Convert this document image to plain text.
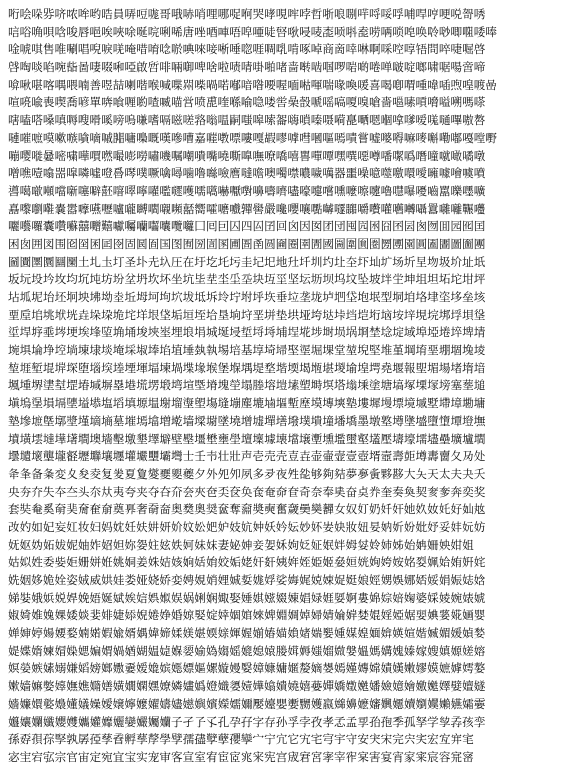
哘哙哚哛哜哝哞哟哠員哢哣哤哥哦哧哨哩哪哫哬哭哮哯哰哱哲哳哴哵哶哷哸哹哺哻哼哽哾哿唀
唁唂唃唄唅唆唇唈唉唊唋唌唍唎唏唐唑唒唓唔唕唖唗唘唙唚唛唜唝唞唟唠唡唢唣唤唥唦唧唨唩唪
唫唬唭售唯唰唱唲唳唴唵唶唷唸唹唺唻唼唽唾唿啀啁啂啃啄啅商啇啈啉啊啋啌啍啎問啐啑啒啓
啔啕啖啗啘啙啚啛啜啝啞啟啠啡啢啣啤啥啦啧啨啩啪啫啬啭啮啯啰啱啲啳啴啵啶啷啸啹啺啻啼
啽啾啿喀喁喂喃善喅喆喇喈喉喊喋喌喍喎喏喐喑喒喓喔喕喖喗喘喙喚喛喜喝喞喟喠喡喢喣喤喥喦
喧喨喩喪喫喬喭單喯喰喱喲喳喴喵営喷喸喹喺喻喼喽喾喿嗀嗁嗂嗃嗄嗅嗆嗇嗈嗉嗊嗋嗌嗍嗎嗏
嗐嗑嗒嗓嗔嗕嗖嗗嗘嗙嗚嗛嗜嗝嗞嗟嗠嗡嗢嗣嗤嗥嗦嗧嗨嗩嗪嗫嗬嗭嗮嗯嗰嗱嗲嗳嗴嗵嗶嗷嗸
嗹嗺嗻嗼嗽嗾嗿嘀嘁嘂嘃嘄嘅嘆嘇嘈嘉嘊嘋嘌嘍嘎嘏嘐嘑嘒嘓嘔嘕嘖嘗嘘嘙嘚嘛嘜嘝嘞嘟嘠嘡嘢
嘣嘤嘥嘦嘧嘨嘩嘪嘫嘬嘭嘮嘯嘰嘱嘲嘳嘴嘵嘶嘷嘸嘹嘺嘻嘼嘽嘾嘿噀噁噂噃噄噅噆噇噈噉噊噋
噌噍噎噏噐噑噒噓噔噕噖噗噘噙噚噛噜噝噞噟噠噡噢噣噤噥噦噧器噩噪噫噬噭噮噯噰噱噲噳噴
噵噶噷噸噹噺噻噼噽噾噿嚀嚁嚂嚃嚄嚅嚆嚇嚈嚉嚊嚋嚌嚍嚎嚏嚐嚑嚒嚓嚔嚕嚖嚗嚘嚙嚚嚛嚜嚝
嚞嚟嚠嚡嚢嚣嚤嚥嚦嚧嚨嚩嚪嚫嚬嚭嚮嚯嚰嚱嚲嚳嚴嚵嚶嚷嚸嚹嚺嚻嚼嚽嚾嚿囀囁囂囃囄囅囆
囇囈囉囊囋囌囍囎囏囐囑囒囓囔囕囖囗囘囙囚四囜囝回囟因囡团団囤囥囦囧囨囩囪囫囬园囮囯
困囱囲図围囵囶囷囸囹固囻囼国图囿圀圁圂圃圄圅圆圇圈圉圊國圌圍圎圏圐圑園圓圔圕圖圗團
圙圚圛圜圝圞土圠圡圢圣圤圥圦圧在圩圪圫圬圭圮圯地圱圲圳圴圵圶圷圸圹场圻圼圽圾圿址坁
坂坃坄坅坆均坈坉坊坋坌坍坎坏坐坑坒坓坔坕坖块坘坙坚坛坜坝坞坟坠坡坢坣坤坥坦坧坨坩坪
坫坬坭坮坯坰坱坲坳坴坵坶坷坸坹坺坻坼坽坾坿垀垁垂垃垄垅垆垇垈垉垊型垌垍垎垏垐垑垒垓
垔垕垖垗垘垙垚垛垜垝垞垟垠垡垢垣垤垥垦垧垨垩垪垫垬垭垮垯垰垱垲垳垴垵垶垷垸垹垺垻垼
垽垾垿埀埁埂埃埄埅埆埇埈埉埊埋埌埍城埏埐埑埒埓埔埕埖埗埘埙埚埛埜埝埞域埠埡埢埣埤埥
埦埧埨埩埪埫埬埭埮埯埰埱埲埳埴埵埶執埸培基埻埼埽埾埿堀堁堂堃堄堅堆堇堈堉堊堋堌堍堎
堏堐堑堒堓堔堕堖堗堘堙堚堛堜堝堞堟堠堡堢堣堤堥堦堧堨堩堪堫堬堭堮堯堰報堲堳場堵堶堷
堸堹堺堻堼堽堾堿塀塁塂塃塄塅塆塇塈塉塊塋塌塍塎塏塐塑塒塓塔塕塖塗塘塙塚塛塜塝塞塟塠
塡塢塣塤塥塦塧塨塩塪填塬塭塮塯塰塱塲塳塴塵塶塷塸塹塺塻塼塽塾塿墀墁墂境墄墅墆墇墈墉
墊墋墌墍墎墏墐墑墒墓墔墕墖増墘墙墚墛墜墝增墟墠墡墢墣墤墥墦墧墨墩墪墫墬墭墮墯墰墱墲
墳墴墵墶墷墸墹墺墻墼墽墾墿壀壁壂壃壄壅壆壇壈壉壊壋壌壍壎壏壐壑壒壓壔壕壖壗壘壙壚壛
壜壝壞壟壠壡壢壣壤壥壦壧壨壩壪士壬壭壮壯声壱売壳壴壵壶壷壸壹壺壻壼壽壾壿夀夁夂夃处
夅夆备夈変夊夋夌复夎夏夐夑夒夓夔夕外夗夘夙多夛夜夝夞够夠夡夢夣夤夥夦大夨天太夫夬夭
央夯夰失夲夳头夵夶夷夸夹夺夻夼夽夾夿奀奁奂奃奄奅奆奇奈奉奊奋奌奍奎奏奐契奒奓奔奕奖
套奘奙奚奛奜奝奞奟奠奡奢奣奤奥奦奧奨奩奪奫奬奭奮奯奰奱奲女奴奵奶奷奸她奺奻奼好奾奿
妀妁如妃妄妅妆妇妈妉妊妋妌妍妎妏妐妑妒妓妔妕妖妗妘妙妚妛妜妝妞妟妠妡妢妣妤妥妦妧妨
妩妪妫妬妭妮妯妰妱妲妳妴妵妶妷妸妹妺妻妼妽妾妿姀姁姂姃姄姅姆姇姈姉姊始姌姍姎姏姐
姑姒姓委姕姖姗姘姙姚姛姜姝姞姟姠姡姢姣姤姥奸姧姨姩姪姫姬姭姮姯姰姱姲姳姴姵姶姷姸姹
姺姻姼姽姾姿娀威娂娃娄娅娆娇娈娉娊娋娌娍娎娏娐娑娒娓娔娕娖娗娘娙娚娛娜娝娞娟娠娡娢
娣娤娥娦娧娨娩娪娫娬娭娮娯娰娱娲娳娴娵娶娷娸娹娺娻娼娽娾娿婀婁婂婃婄婅婆婇婈婉婊婋
婌婍婎婏婐婑婒婓婔婕婖婗婘婙婚婛婜婝婞婟婠婡婢婣婤婥婦婧婨婩婪婫婬婭婮婯婰婱婲婳婴
婵婶婷婸婹婺婻婼婽婾婿媀媁媂媃媄媅媆媇媈媉媊媋媌媍媎媏媐媑媒媓媔媕媖媗媘媙媚媛媜媝
媞媟媠媡媢媣媤媥媦媧媨媩媪媫媬媭媮媯媰媱媲媳媴媵媶媷媸媹媺媻媼媽媾媿嫀嫁嫂嫃嫄嫅嫆
嫇嫈嫉嫊嫋嫌嫍嫎嫏嫐嫑嫒嫓嫔嫕嫖嫗嫘嫙嫚嫛嫜嫝嫞嫟嫠嫡嫢嫣嫤嫥嫦嫧嫨嫩嫪嫫嫬嫭嫮嫯
嫰嫱嫲嫳嫴嫵嫶嫷嫸嫹嫺嫻嫼嫽嫾嫿嬀嬁嬂嬃嬄嬅嬆嬇嬈嬉嬊嬋嬌嬍嬎嬏嬐嬑嬒嬓嬔嬕嬖嬗嬘
嬙嬚嬛嬜嬝嬞嬟嬠嬡嬢嬣嬤嬥嬦嬧嬨嬩嬪嬫嬬嬭嬮嬯嬰嬱嬲嬳嬴嬵嬶嬷嬸嬹嬺嬻嬼嬽嬾嬿孀孁
孂孃孄孅孆孇孈孉孊孋孌孍孎孏子孑孒孓孔孕孖字存孙孚孛孜孝孞孟孠孡孢季孤孥学孧孨孩孪
孫孬孭孮孯孰孱孲孳孴孵孶孷學孹孺孻孼孽孾孿宀宁宂它宄宅宆宇守安宊宋完宍宎宏宐宑宒
宓宔宕宖宗官宙定宛宜宝实宠审客宣室宥宦宧宨宩宪宫宬宭宮宯宰宱宲害宴宵家宷宸容宺宻
